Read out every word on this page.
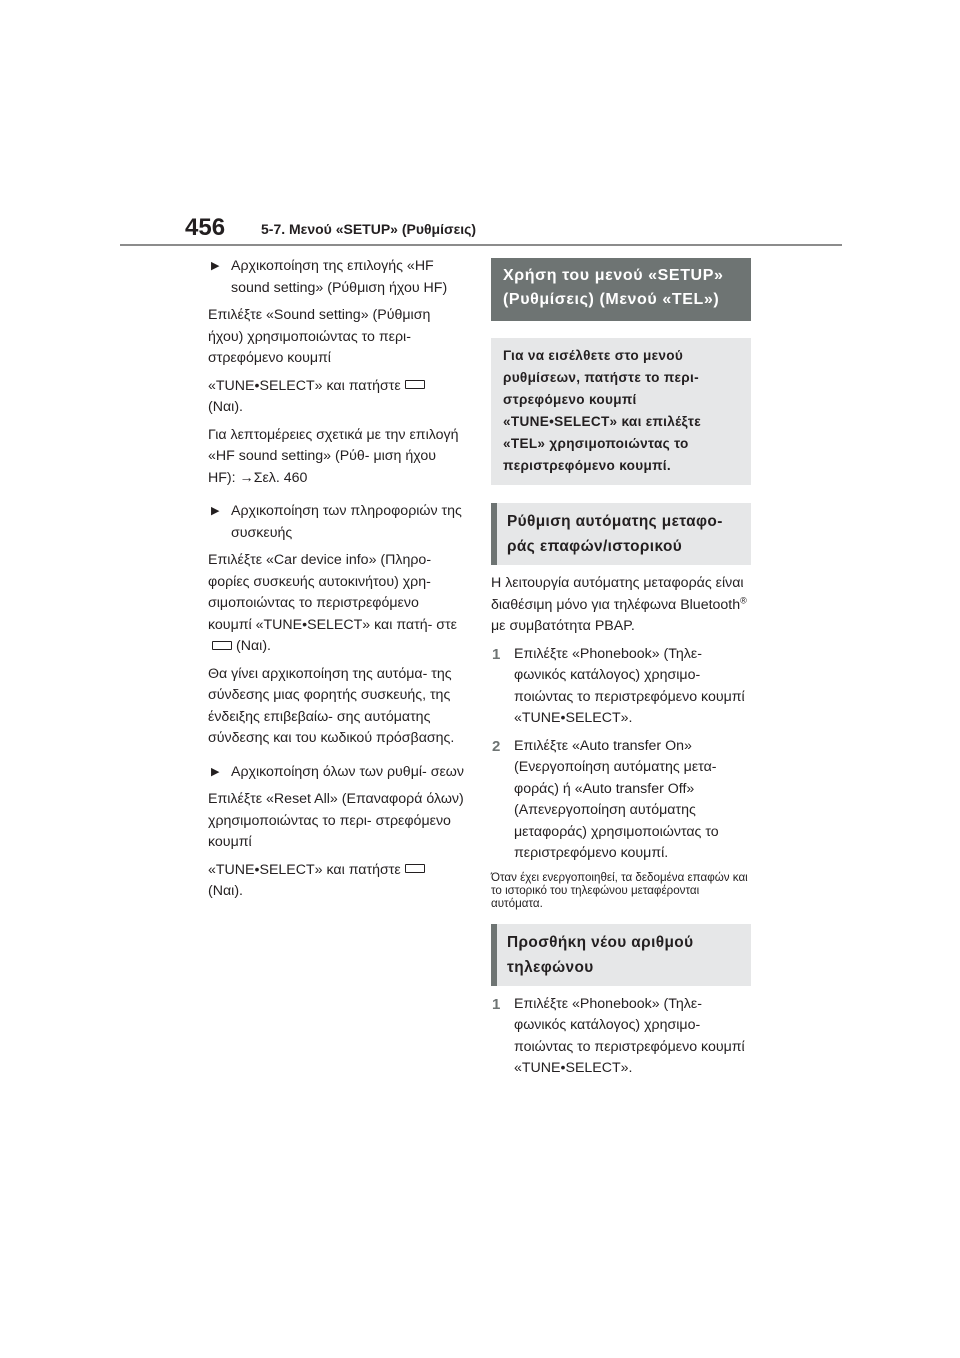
456	5-7. Μενού «SETUP» (Ρυθμίσεις)
▶ Αρχικοποίηση της επιλογής «HF sound setting» (Ρύθμιση ήχου HF)

Επιλέξτε «Sound setting» (Ρύθμιση ήχου) χρησιμοποιώντας το περι- στρεφόμενο κουμπί

«TUNE•SELECT» και πατήστε
(Ναι).

Για λεπτομέρειες σχετικά με την επιλογή «HF sound setting» (Ρύθ- μιση ήχου HF): →Σελ. 460

▶ Αρχικοποίηση των πληροφοριών της συσκευής

Επιλέξτε «Car device info» (Πληρο- φορίες συσκευής αυτοκινήτου) χρη- σιμοποιώντας το περιστρεφόμενο κουμπί «TUNE•SELECT» και πατή- στε(Ναι).

Θα γίνει αρχικοποίηση της αυτόμα- της σύνδεσης μιας φορητής συσκευής, της ένδειξης επιβεβαίω- σης αυτόματης σύνδεσης και του κωδικού πρόσβασης.

▶ Αρχικοποίηση όλων των ρυθμί- σεων

Επιλέξτε «Reset All» (Επαναφορά όλων) χρησιμοποιώντας το περι- στρεφόμενο κουμπί

«TUNE•SELECT» και πατήστε
(Ναι).

Χρήση του μενού «SETUP» (Ρυθμίσεις) (Μενού «TEL»)
Για να εισέλθετε στο μενού ρυθμίσεων, πατήστε το περι- στρεφόμενο κουμπί «TUNE•SELECT» και επιλέξτε «TEL» χρησιμοποιώντας το περιστρεφόμενο κουμπί.
Ρύθμιση αυτόματης μεταφο- ράς επαφών/ιστορικού

Η λειτουργία αυτόματης μεταφοράς είναι διαθέσιμη μόνο για τηλέφωνα Bluetooth® με συμβατότητα PBAP.

1 Επιλέξτε «Phonebook» (Τηλε- φωνικός κατάλογος) χρησιμο- ποιώντας το περιστρεφόμενο κουμπί «TUNE•SELECT».
2 Επιλέξτε «Auto transfer On» (Ενεργοποίηση αυτόματης μετα- φοράς) ή «Auto transfer Off» (Απενεργοποίηση αυτόματης μεταφοράς) χρησιμοποιώντας το περιστρεφόμενο κουμπί.

Όταν έχει ενεργοποιηθεί, τα δεδομένα επαφών και το ιστορικό του τηλεφώνου μεταφέρονται αυτόματα.

Προσθήκη νέου αριθμού τηλεφώνου
1 Επιλέξτε «Phonebook» (Τηλε- φωνικός κατάλογος) χρησιμο- ποιώντας το περιστρεφόμενο κουμπί «TUNE•SELECT».
